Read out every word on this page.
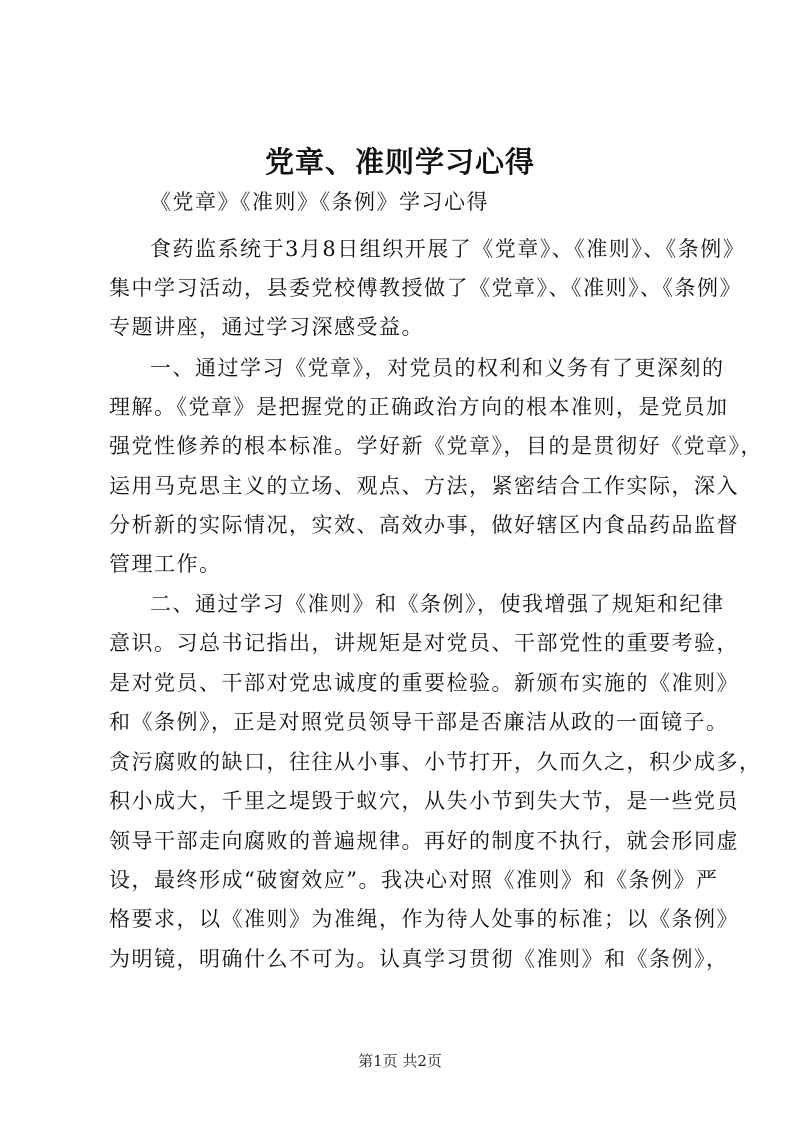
党章、准则学习心得
《党章》《准则》《条例》学习心得
食药监系统于3月8日组织开展了《党章》、《准则》、《条例》
集中学习活动，县委党校傅教授做了《党章》、《准则》、《条例》
专题讲座，通过学习深感受益。
一、通过学习《党章》，对党员的权利和义务有了更深刻的
理解。《党章》是把握党的正确政治方向的根本准则，是党员加
强党性修养的根本标准。学好新《党章》，目的是贯彻好《党章》，
运用马克思主义的立场、观点、方法，紧密结合工作实际，深入
分析新的实际情况，实效、高效办事，做好辖区内食品药品监督
管理工作。
二、通过学习《准则》和《条例》，使我增强了规矩和纪律
意识。习总书记指出，讲规矩是对党员、干部党性的重要考验，
是对党员、干部对党忠诚度的重要检验。新颁布实施的《准则》
和《条例》，正是对照党员领导干部是否廉洁从政的一面镜子。
贪污腐败的缺口，往往从小事、小节打开，久而久之，积少成多，
积小成大，千里之堤毁于蚁穴，从失小节到失大节，是一些党员
领导干部走向腐败的普遍规律。再好的制度不执行，就会形同虚
设，最终形成“破窗效应”。我决心对照《准则》和《条例》严
格要求，以《准则》为准绳，作为待人处事的标准；以《条例》
为明镜，明确什么不可为。认真学习贯彻《准则》和《条例》，
第1页 共2页
